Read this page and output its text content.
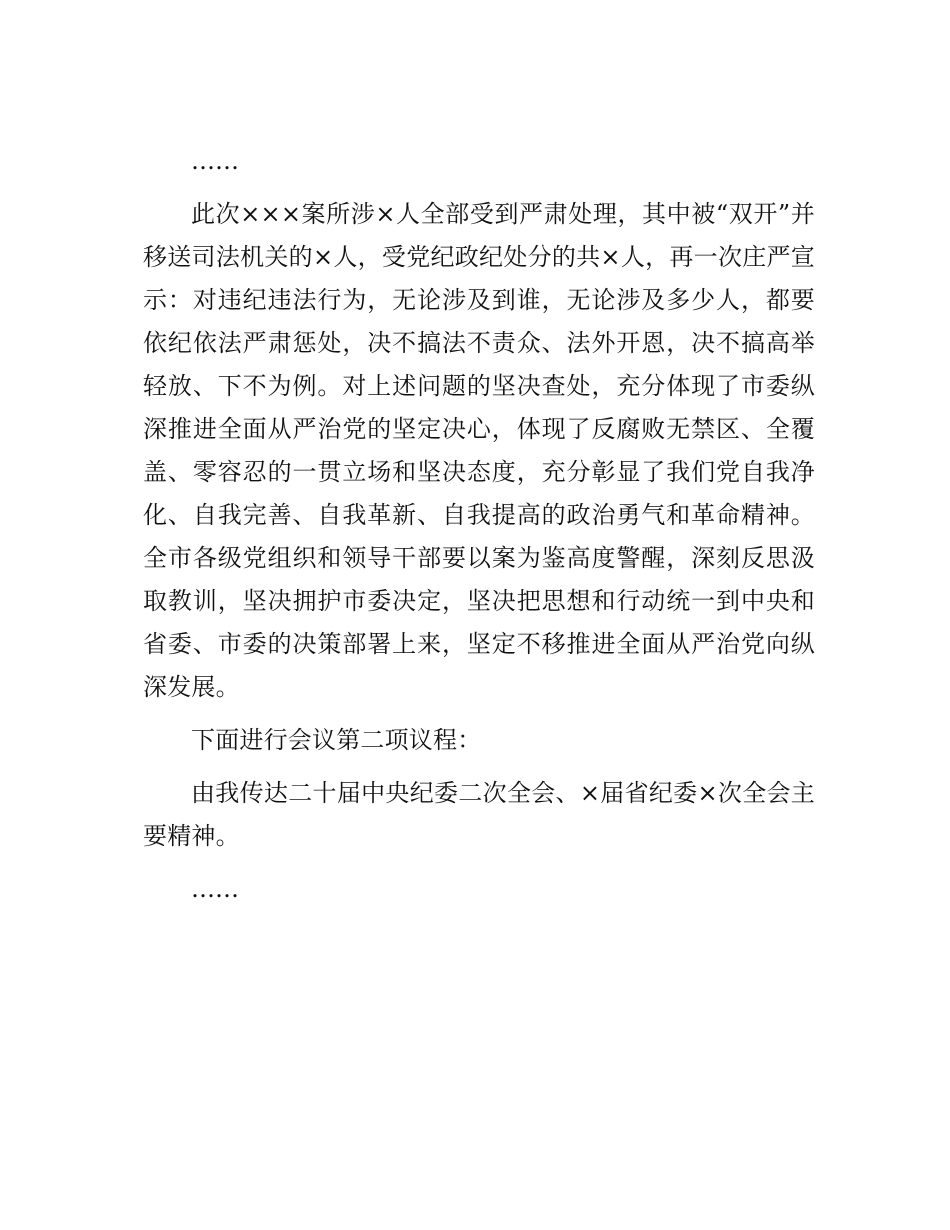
……

此次×××案所涉×人全部受到严肃处理，其中被“双开”并移送司法机关的×人，受党纪政纪处分的共×人，再一次庄严宣示：对违纪违法行为，无论涉及到谁，无论涉及多少人，都要依纪依法严肃惩处，决不搞法不责众、法外开恩，决不搞高举轻放、下不为例。对上述问题的坚决查处，充分体现了市委纵深推进全面从严治党的坚定决心，体现了反腐败无禁区、全覆盖、零容忍的一贯立场和坚决态度，充分彰显了我们党自我净化、自我完善、自我革新、自我提高的政治勇气和革命精神。全市各级党组织和领导干部要以案为鉴高度警醒，深刻反思汲取教训，坚决拥护市委决定，坚决把思想和行动统一到中央和省委、市委的决策部署上来，坚定不移推进全面从严治党向纵深发展。

下面进行会议第二项议程：

由我传达二十届中央纪委二次全会、×届省纪委×次全会主要精神。

……
